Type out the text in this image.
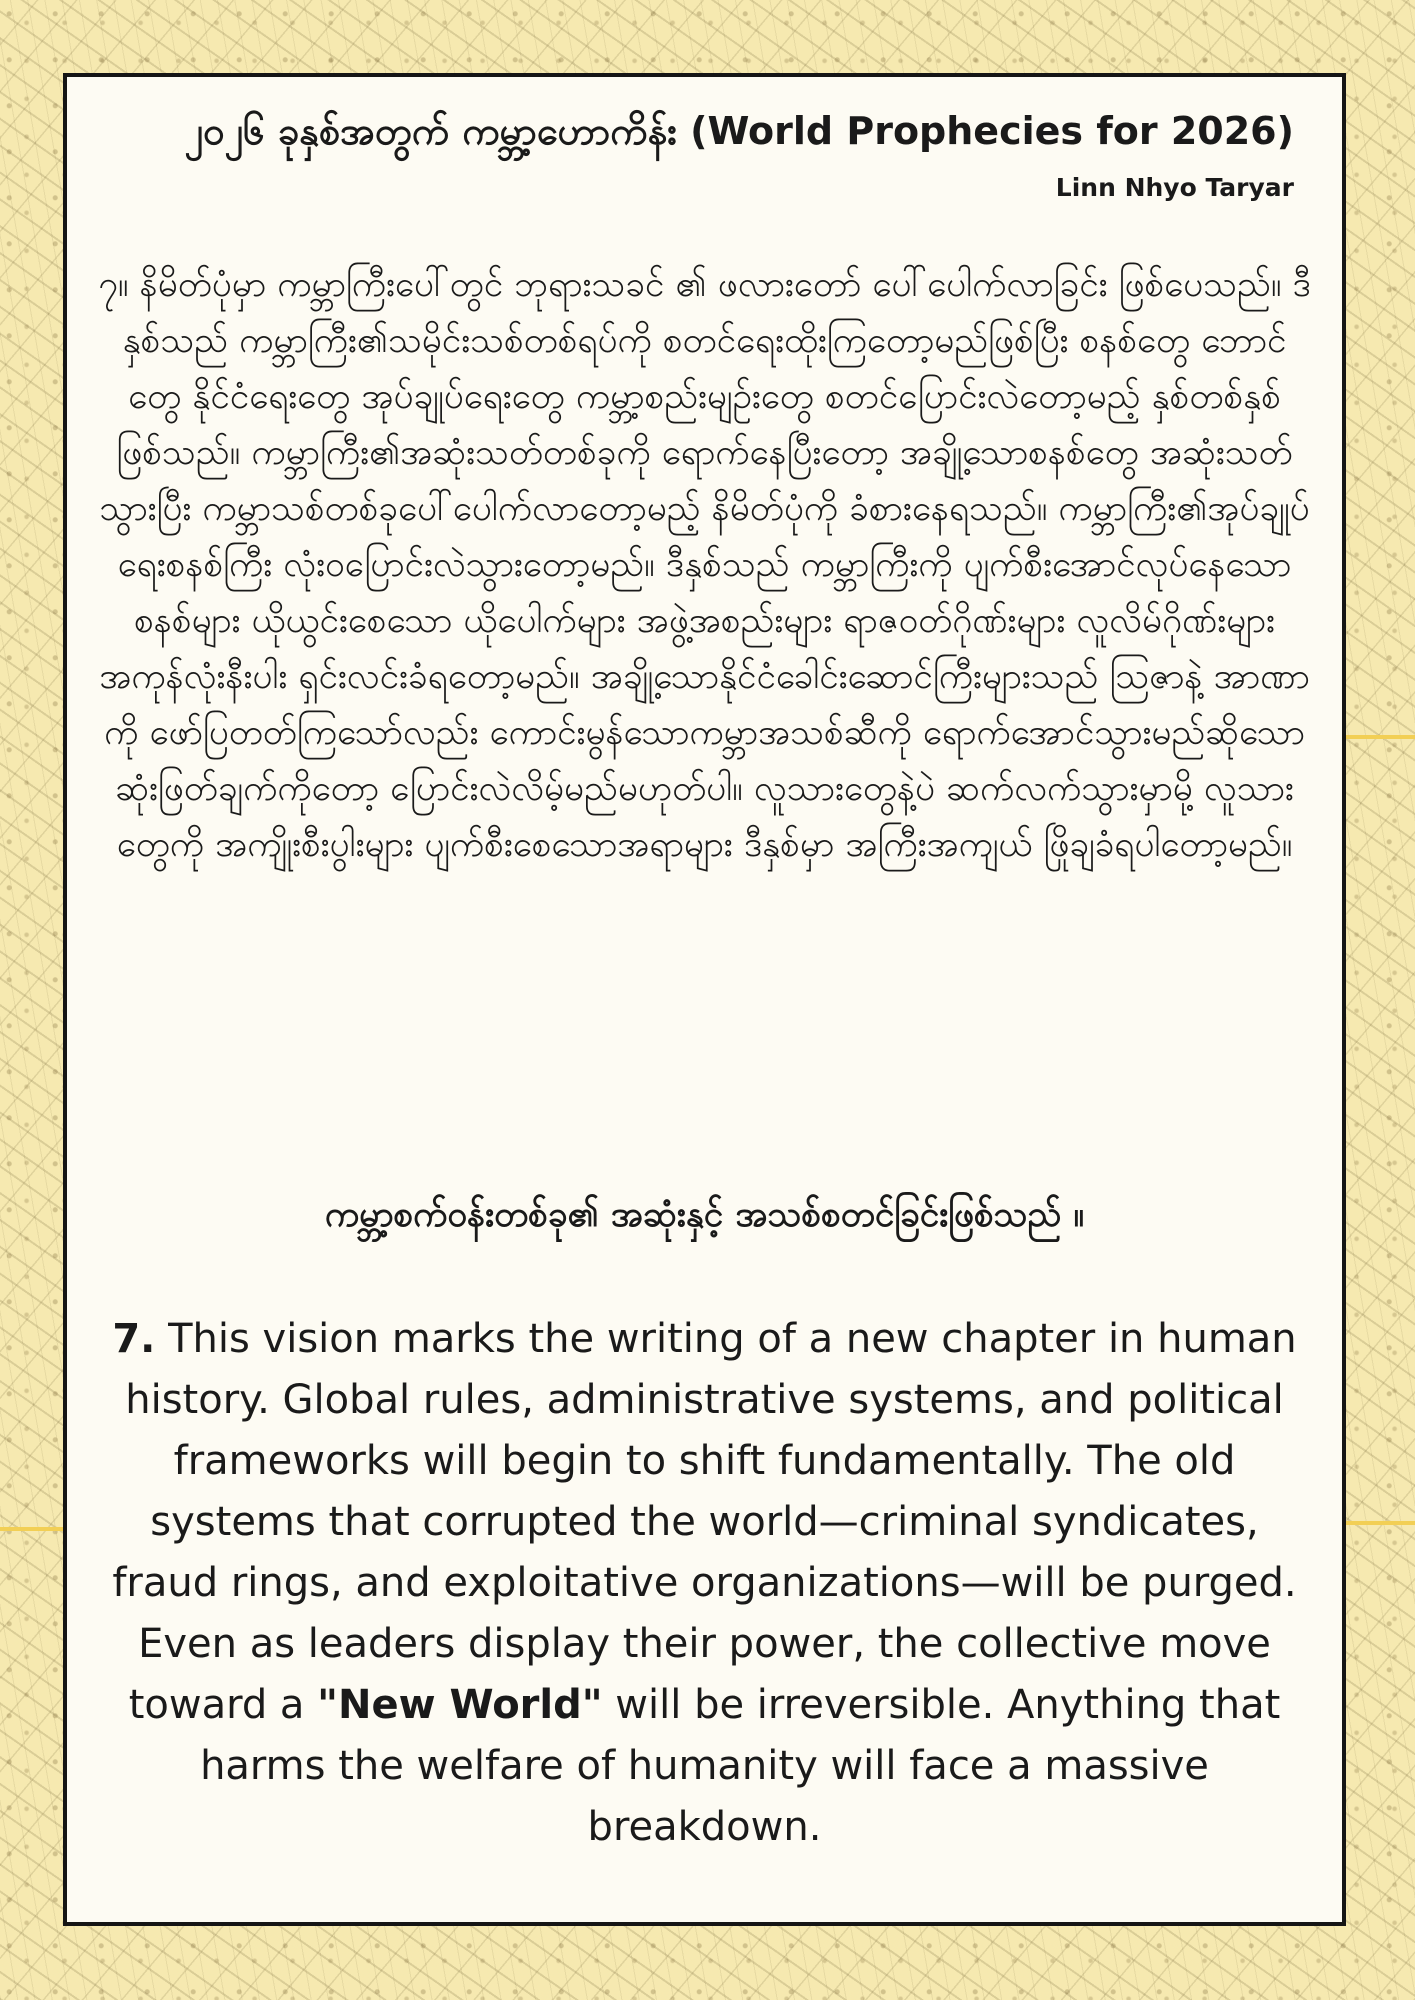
၂၀၂၆ ခုနှစ်အတွက် ကမ္ဘာ့ဟောကိန်း (World Prophecies for 2026)
Linn Nhyo Taryar
၇။ နိမိတ်ပုံမှာ ကမ္ဘာကြီးပေါ်တွင် ဘုရားသခင် ၏ ဖလားတော် ပေါ်ပေါက်လာခြင်း ဖြစ်ပေသည်။ ဒီနှစ်သည် ကမ္ဘာကြီး၏သမိုင်းသစ်တစ်ရပ်ကို စတင်ရေးထိုးကြတော့မည်ဖြစ်ပြီး စနစ်တွေ ဘောင်တွေ နိုင်ငံရေးတွေ အုပ်ချုပ်ရေးတွေ ကမ္ဘာ့စည်းမျဉ်းတွေ စတင်ပြောင်းလဲတော့မည့် နှစ်တစ်နှစ်ဖြစ်သည်။ ကမ္ဘာကြီး၏အဆုံးသတ်တစ်ခုကို ရောက်နေပြီးတော့ အချို့သောစနစ်တွေ အဆုံးသတ်သွားပြီး ကမ္ဘာသစ်တစ်ခုပေါ်ပေါက်လာတော့မည့် နိမိတ်ပုံကို ခံစားနေရသည်။ ကမ္ဘာကြီး၏အုပ်ချုပ်ရေးစနစ်ကြီး လုံးဝပြောင်းလဲသွားတော့မည်။ ဒီနှစ်သည် ကမ္ဘာကြီးကို ပျက်စီးအောင်လုပ်နေသော စနစ်များ ယိုယွင်းစေသော ယိုပေါက်များ အဖွဲ့အစည်းများ ရာဇဝတ်ဂိုဏ်းများ လူလိမ်ဂိုဏ်းများ အကုန်လုံးနီးပါး ရှင်းလင်းခံရတော့မည်။ အချို့သောနိုင်ငံခေါင်းဆောင်ကြီးများသည် သြဇာနဲ့ အာဏာကို ဖော်ပြတတ်ကြသော်လည်း ကောင်းမွန်သောကမ္ဘာအသစ်ဆီကို ရောက်အောင်သွားမည်ဆိုသော ဆုံးဖြတ်ချက်ကိုတော့ ပြောင်းလဲလိမ့်မည်မဟုတ်ပါ။ လူသားတွေနဲ့ပဲ ဆက်လက်သွားမှာမို့ လူသားတွေကို အကျိုးစီးပွါးများ ပျက်စီးစေသောအရာများ ဒီနှစ်မှာ အကြီးအကျယ် ဖြိုချခံရပါတော့မည်။
ကမ္ဘာ့စက်ဝန်းတစ်ခု၏ အဆုံးနှင့် အသစ်စတင်ခြင်းဖြစ်သည် ။
7. This vision marks the writing of a new chapter in human history. Global rules, administrative systems, and political frameworks will begin to shift fundamentally. The old systems that corrupted the world—criminal syndicates, fraud rings, and exploitative organizations—will be purged. Even as leaders display their power, the collective move toward a "New World" will be irreversible. Anything that harms the welfare of humanity will face a massive breakdown.
